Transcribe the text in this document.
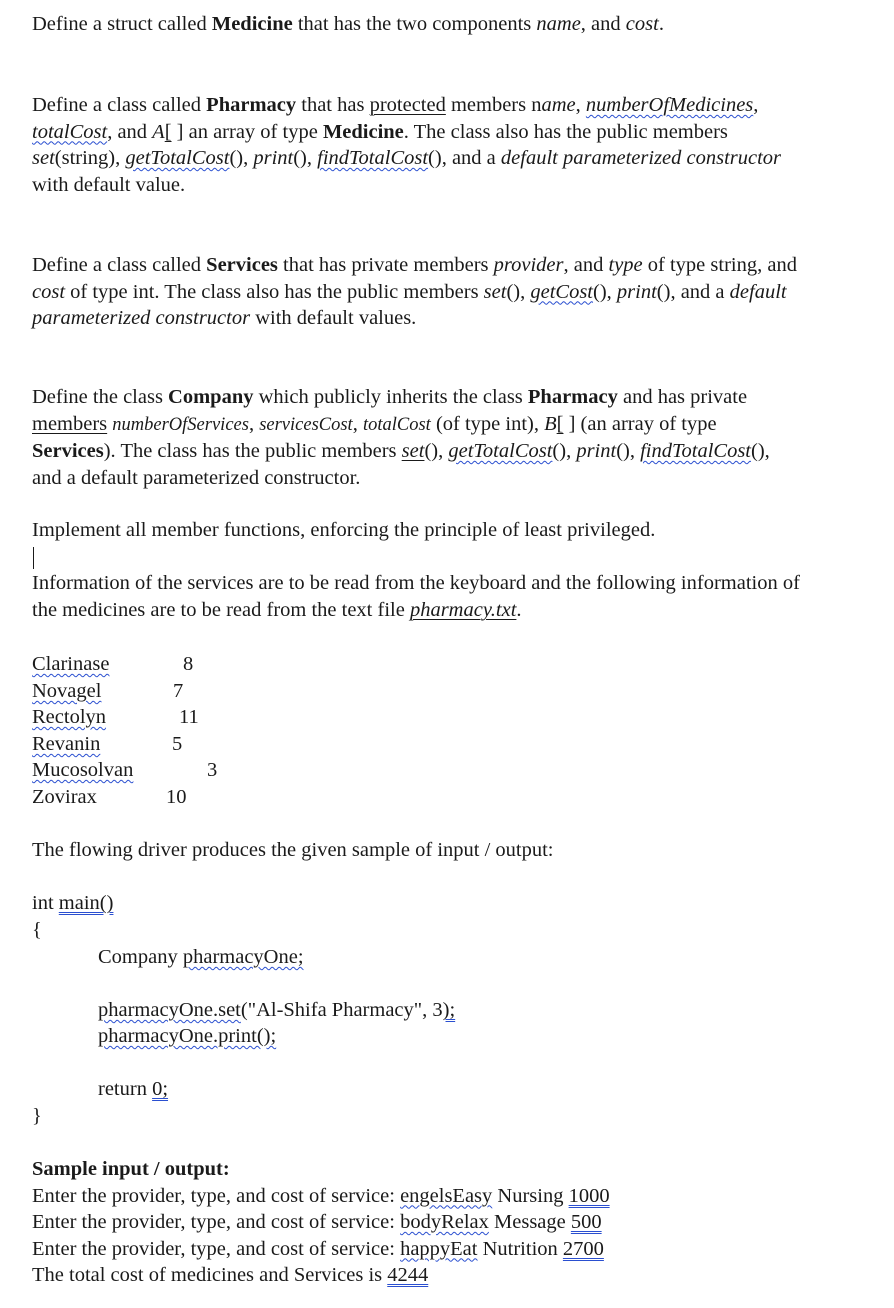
Define a struct called Medicine that has the two components name, and cost.

Define a class called Pharmacy that has protected members name, numberOfMedicines,
totalCost, and A[ ] an array of type Medicine. The class also has the public members
set(string), getTotalCost(), print(), findTotalCost(), and a default parameterized constructor
with default value.
Define a class called Services that has private members provider, and type of type string, and
cost of type int. The class also has the public members set(), getCost(), print(), and a default
parameterized constructor with default values.
Define the class Company which publicly inherits the class Pharmacy and has private
members numberOfServices, servicesCost, totalCost (of type int), B[ ] (an array of type
Services). The class has the public members set(), getTotalCost(), print(), findTotalCost(),
and a default parameterized constructor.

Implement all member functions, enforcing the principle of least privileged.

Information of the services are to be read from the keyboard and the following information of
the medicines are to be read from the text file pharmacy.txt.
Clarinase	8
Novagel	7
Rectolyn	11
Revanin	5
Mucosolvan	3
Zovirax	10

The flowing driver produces the given sample of input / output:

int main()
{
Company pharmacyOne;
pharmacyOne.set("Al-Shifa Pharmacy", 3);
pharmacyOne.print();
return 0;
}
Sample input / output:
Enter the provider, type, and cost of service: engelsEasy Nursing 1000
Enter the provider, type, and cost of service: bodyRelax Message 500
Enter the provider, type, and cost of service: happyEat Nutrition 2700
The total cost of medicines and Services is 4244
